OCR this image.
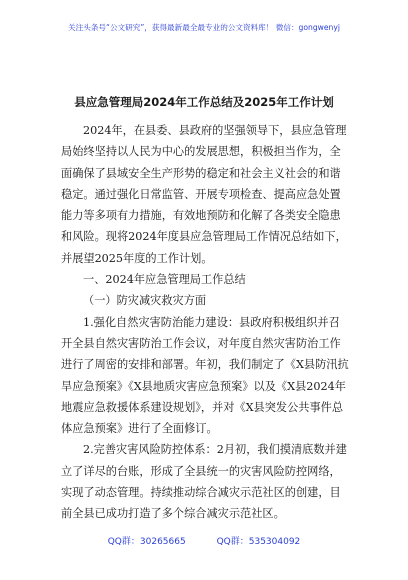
关注头条号“公文研究”，获得最新最全最专业的公文资料库！ 微信：gongwenyj
县应急管理局2024年工作总结及2025年工作计划
2024年，在县委、县政府的坚强领导下，县应急管理
局始终坚持以人民为中心的发展思想，积极担当作为，全
面确保了县域安全生产形势的稳定和社会主义社会的和谐
稳定。通过强化日常监管、开展专项检查、提高应急处置
能力等多项有力措施，有效地预防和化解了各类安全隐患
和风险。现将2024年度县应急管理局工作情况总结如下，
并展望2025年度的工作计划。
一、2024年应急管理局工作总结
（一）防灾减灾救灾方面
1.强化自然灾害防治能力建设：县政府积极组织并召
开全县自然灾害防治工作会议，对年度自然灾害防治工作
进行了周密的安排和部署。年初，我们制定了《X县防汛抗
旱应急预案》《X县地质灾害应急预案》以及《X县2024年
地震应急救援体系建设规划》，并对《X县突发公共事件总
体应急预案》进行了全面修订。
2.完善灾害风险防控体系：2月初，我们摸清底数并建
立了详尽的台账，形成了全县统一的灾害风险防控网络，
实现了动态管理。持续推动综合减灾示范社区的创建，目
前全县已成功打造了多个综合减灾示范社区。
QQ群：30265665	QQ群：535304092
